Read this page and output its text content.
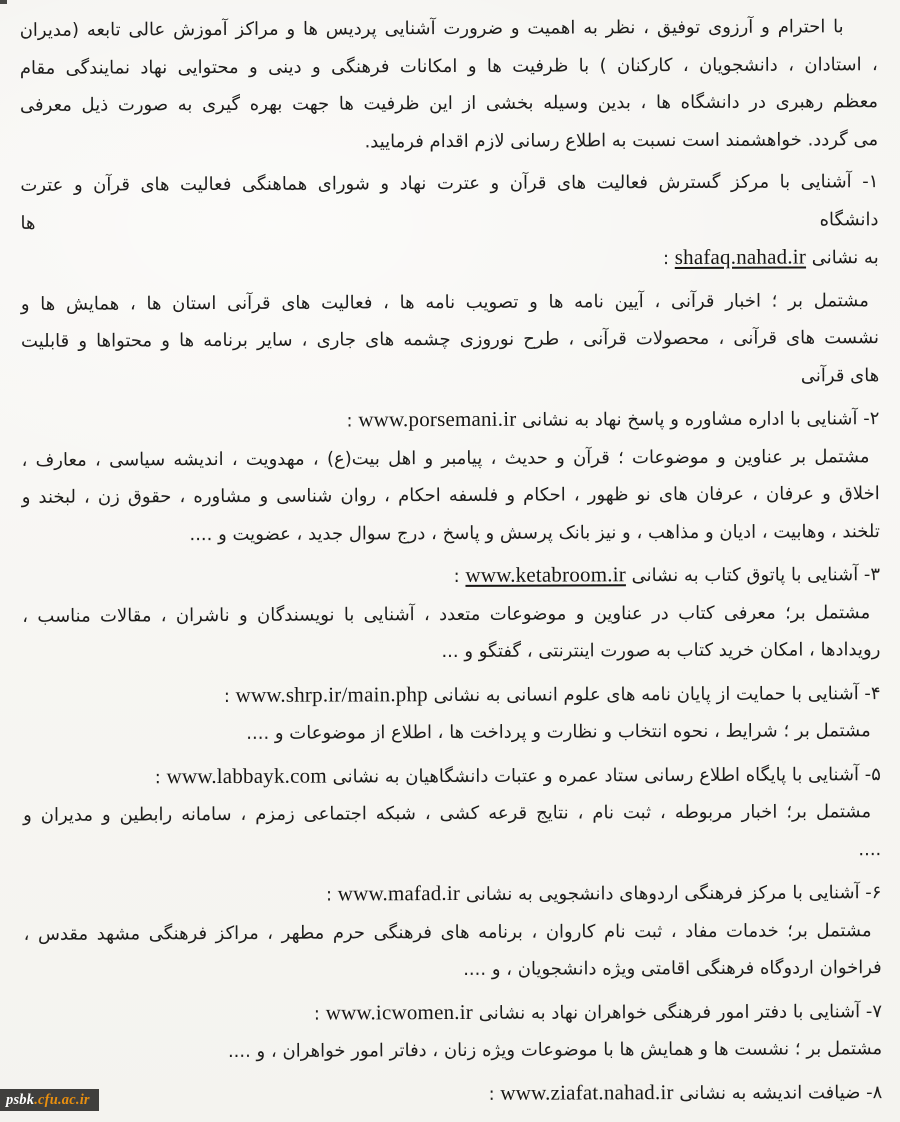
با احترام و آرزوی توفیق ، نظر به اهمیت و ضرورت آشنایی پردیس ها و مراکز آموزش عالی تابعه (مدیران
، استادان ، دانشجویان ، کارکنان ) با ظرفیت ها و امکانات فرهنگی و دینی و محتوایی نهاد نمایندگی مقام
معظم رهبری در دانشگاه ها ، بدین وسیله بخشی از این ظرفیت ها جهت بهره گیری به صورت ذیل معرفی
می گردد. خواهشمند است نسبت به اطلاع رسانی لازم اقدام فرمایید.
۱- آشنایی با مرکز گسترش فعالیت های قرآن و عترت نهاد و شورای هماهنگی فعالیت های قرآن و عترت
دانشگاه ها
به نشانی shafaq.nahad.ir :
مشتمل بر ؛ اخبار قرآنی ، آیین نامه ها و تصویب نامه ها ، فعالیت های قرآنی استان ها ، همایش ها و
نشست های قرآنی ، محصولات قرآنی ، طرح نوروزی چشمه های جاری ، سایر برنامه ها و محتواها و قابلیت
های قرآنی
۲- آشنایی با اداره مشاوره و پاسخ نهاد به نشانی www.porsemani.ir :
مشتمل بر عناوین و موضوعات ؛ قرآن و حدیث ، پیامبر و اهل بیت(ع) ، مهدویت ، اندیشه سیاسی ، معارف ،
اخلاق و عرفان ، عرفان های نو ظهور ، احکام و فلسفه احکام ، روان شناسی و مشاوره ، حقوق زن ، لبخند و
تلخند ، وهابیت ، ادیان و مذاهب ، و نیز بانک پرسش و پاسخ ، درج سوال جدید ، عضویت و ....
۳- آشنایی با پاتوق کتاب به نشانی www.ketabroom.ir :
مشتمل بر؛ معرفی کتاب در عناوین و موضوعات متعدد ، آشنایی با نویسندگان و ناشران ، مقالات مناسب ،
رویدادها ، امکان خرید کتاب به صورت اینترنتی ، گفتگو و ...
۴- آشنایی با حمایت از پایان نامه های علوم انسانی به نشانی www.shrp.ir/main.php :
مشتمل بر ؛ شرایط ، نحوه انتخاب و نظارت و پرداخت ها ، اطلاع از موضوعات و ....
۵- آشنایی با پایگاه اطلاع رسانی ستاد عمره و عتبات دانشگاهیان به نشانی www.labbayk.com :
مشتمل بر؛ اخبار مربوطه ، ثبت نام ، نتایج قرعه کشی ، شبکه اجتماعی زمزم ، سامانه رابطین و مدیران و
....
۶- آشنایی با مرکز فرهنگی اردوهای دانشجویی به نشانی www.mafad.ir :
مشتمل بر؛ خدمات مفاد ، ثبت نام کاروان ، برنامه های فرهنگی حرم مطهر ، مراکز فرهنگی مشهد مقدس ،
فراخوان اردوگاه فرهنگی اقامتی ویژه دانشجویان ، و ....
۷- آشنایی با دفتر امور فرهنگی خواهران نهاد به نشانی www.icwomen.ir :
مشتمل بر ؛ نشست ها و همایش ها با موضوعات ویژه زنان ، دفاتر امور خواهران ، و ....
۸- ضیافت اندیشه به نشانی www.ziafat.nahad.ir :
psbk .cfu.ac.ir
